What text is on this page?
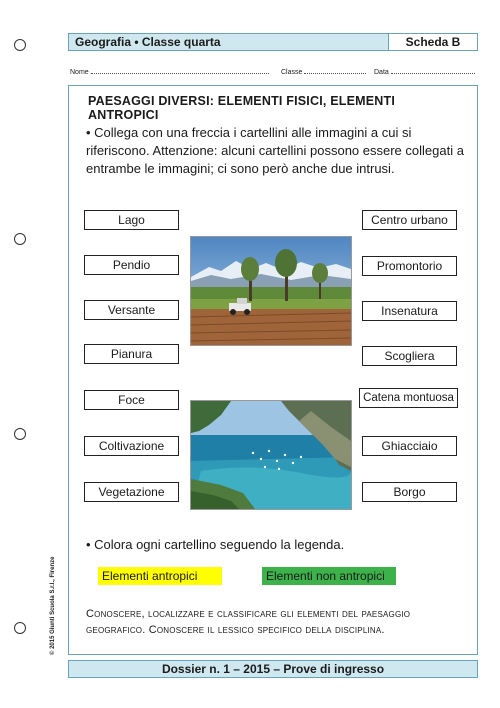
Geografia • Classe quarta	Scheda B
Nome	Classe	Data
PAESAGGI DIVERSI: ELEMENTI FISICI, ELEMENTI ANTROPICI
• Collega con una freccia i cartellini alle immagini a cui si riferiscono. Attenzione: alcuni cartellini possono essere collegati a entrambe le immagini; ci sono però anche due intrusi.
Lago
Pendio
Versante
Pianura
Foce
Coltivazione
Vegetazione
Centro urbano
Promontorio
Insenatura
Scogliera
Catena montuosa
Ghiacciaio
Borgo
• Colora ogni cartellino seguendo la legenda.
Elementi antropici	Elementi non antropici
Conoscere, localizzare e classificare gli elementi del paesaggio geografico. Conoscere il lessico specifico della disciplina.
Dossier n. 1 – 2015 – Prove di ingresso
© 2015 Giunti Scuola S.r.l., Firenze
